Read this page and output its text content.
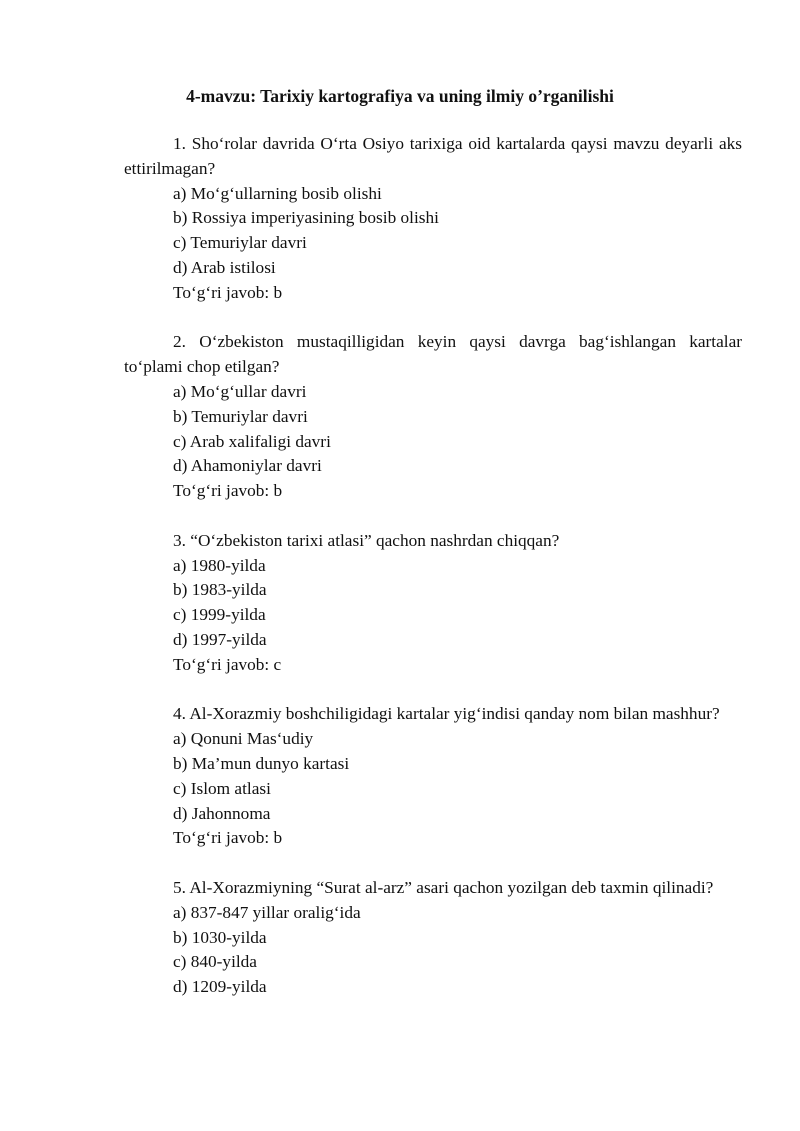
4-mavzu: Tarixiy kartografiya va uning ilmiy o’rganilishi

1. Sho‘rolar davrida O‘rta Osiyo tarixiga oid kartalarda qaysi mavzu deyarli aks ettirilmagan?

a) Mo‘g‘ullarning bosib olishi

b) Rossiya imperiyasining bosib olishi

c) Temuriylar davri

d) Arab istilosi

To‘g‘ri javob: b

2. O‘zbekiston mustaqilligidan keyin qaysi davrga bag‘ishlangan kartalar to‘plami chop etilgan?

a) Mo‘g‘ullar davri

b) Temuriylar davri

c) Arab xalifaligi davri

d) Ahamoniylar davri

To‘g‘ri javob: b

3. “O‘zbekiston tarixi atlasi” qachon nashrdan chiqqan?

a) 1980-yilda

b) 1983-yilda

c) 1999-yilda

d) 1997-yilda

To‘g‘ri javob: c

4. Al-Xorazmiy boshchiligidagi kartalar yig‘indisi qanday nom bilan mashhur?

a) Qonuni Mas‘udiy

b) Ma’mun dunyo kartasi

c) Islom atlasi

d) Jahonnoma

To‘g‘ri javob: b

5. Al-Xorazmiyning “Surat al-arz” asari qachon yozilgan deb taxmin qilinadi?

a) 837-847 yillar oralig‘ida

b) 1030-yilda

c) 840-yilda

d) 1209-yilda
